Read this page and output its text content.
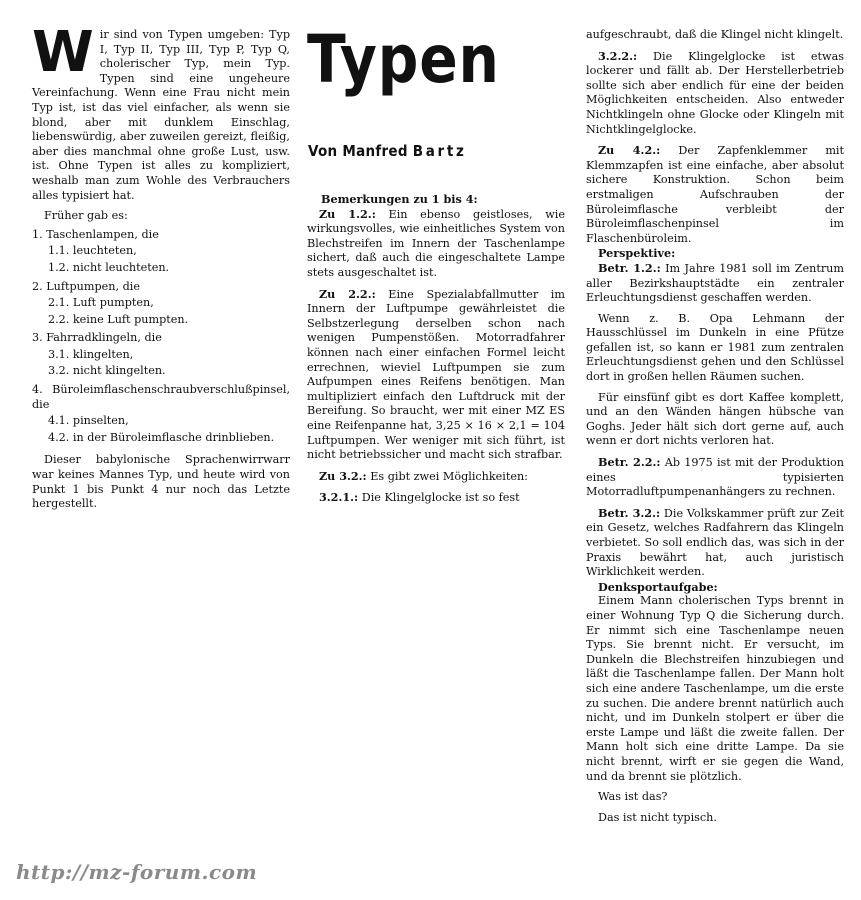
Typen
Von Manfred Bartz

Wir sind von Typen umgeben: Typ I, Typ II, Typ III, Typ P, Typ Q, cholerischer Typ, mein Typ. Typen sind eine ungeheure Vereinfachung. Wenn eine Frau nicht mein Typ ist, ist das viel einfacher, als wenn sie blond, aber mit dunklem Einschlag, liebenswürdig, aber zuweilen gereizt, fleißig, aber dies manchmal ohne große Lust, usw. ist. Ohne Typen ist alles zu kompliziert, weshalb man zum Wohle des Verbrauchers alles typisiert hat.

Früher gab es:

1. Taschenlampen, die

1.1. leuchteten,

1.2. nicht leuchteten.

2. Luftpumpen, die

2.1. Luft pumpten,

2.2. keine Luft pumpten.

3. Fahrradklingeln, die

3.1. klingelten,

3.2. nicht klingelten.

4. Büroleimflaschenschraubverschlußpinsel, die

4.1. pinselten,

4.2. in der Büroleimflasche drinblieben.

Dieser babylonische Sprachenwirrwarr war keines Mannes Typ, und heute wird von Punkt 1 bis Punkt 4 nur noch das Letzte hergestellt.

Bemerkungen zu 1 bis 4:

Zu 1.2.: Ein ebenso geistloses, wie wirkungsvolles, wie einheitliches System von Blechstreifen im Innern der Taschenlampe sichert, daß auch die eingeschaltete Lampe stets ausgeschaltet ist.

Zu 2.2.: Eine Spezialabfallmutter im Innern der Luftpumpe gewährleistet die Selbstzerlegung derselben schon nach wenigen Pumpenstößen. Motorradfahrer können nach einer einfachen Formel leicht errechnen, wieviel Luftpumpen sie zum Aufpumpen eines Reifens benötigen. Man multipliziert einfach den Luftdruck mit der Bereifung. So braucht, wer mit einer MZ ES eine Reifenpanne hat, 3,25 × 16 × 2,1 = 104 Luftpumpen. Wer weniger mit sich führt, ist nicht betriebssicher und macht sich strafbar.

Zu 3.2.: Es gibt zwei Möglichkeiten:

3.2.1.: Die Klingelglocke ist so fest

aufgeschraubt, daß die Klingel nicht klingelt.

3.2.2.: Die Klingelglocke ist etwas lockerer und fällt ab. Der Herstellerbetrieb sollte sich aber endlich für eine der beiden Möglichkeiten entscheiden. Also entweder Nichtklingeln ohne Glocke oder Klingeln mit Nichtklingelglocke.

Zu 4.2.: Der Zapfenklemmer mit Klemmzapfen ist eine einfache, aber absolut sichere Konstruktion. Schon beim erstmaligen Aufschrauben der Büroleimflasche verbleibt der Büroleimflaschenpinsel im Flaschenbüroleim.

Perspektive:

Betr. 1.2.: Im Jahre 1981 soll im Zentrum aller Bezirkshauptstädte ein zentraler Erleuchtungsdienst geschaffen werden.

Wenn z. B. Opa Lehmann der Hausschlüssel im Dunkeln in eine Pfütze gefallen ist, so kann er 1981 zum zentralen Erleuchtungsdienst gehen und den Schlüssel dort in großen hellen Räumen suchen.

Für einsfünf gibt es dort Kaffee komplett, und an den Wänden hängen hübsche van Goghs. Jeder hält sich dort gerne auf, auch wenn er dort nichts verloren hat.

Betr. 2.2.: Ab 1975 ist mit der Produktion eines typisierten Motorradluftpumpenanhängers zu rechnen.

Betr. 3.2.: Die Volkskammer prüft zur Zeit ein Gesetz, welches Radfahrern das Klingeln verbietet. So soll endlich das, was sich in der Praxis bewährt hat, auch juristisch Wirklichkeit werden.

Denksportaufgabe:

Einem Mann cholerischen Typs brennt in einer Wohnung Typ Q die Sicherung durch. Er nimmt sich eine Taschenlampe neuen Typs. Sie brennt nicht. Er versucht, im Dunkeln die Blechstreifen hinzubiegen und läßt die Taschenlampe fallen. Der Mann holt sich eine andere Taschenlampe, um die erste zu suchen. Die andere brennt natürlich auch nicht, und im Dunkeln stolpert er über die erste Lampe und läßt die zweite fallen. Der Mann holt sich eine dritte Lampe. Da sie nicht brennt, wirft er sie gegen die Wand, und da brennt sie plötzlich.

Was ist das?

Das ist nicht typisch.

http://mz-forum.com
